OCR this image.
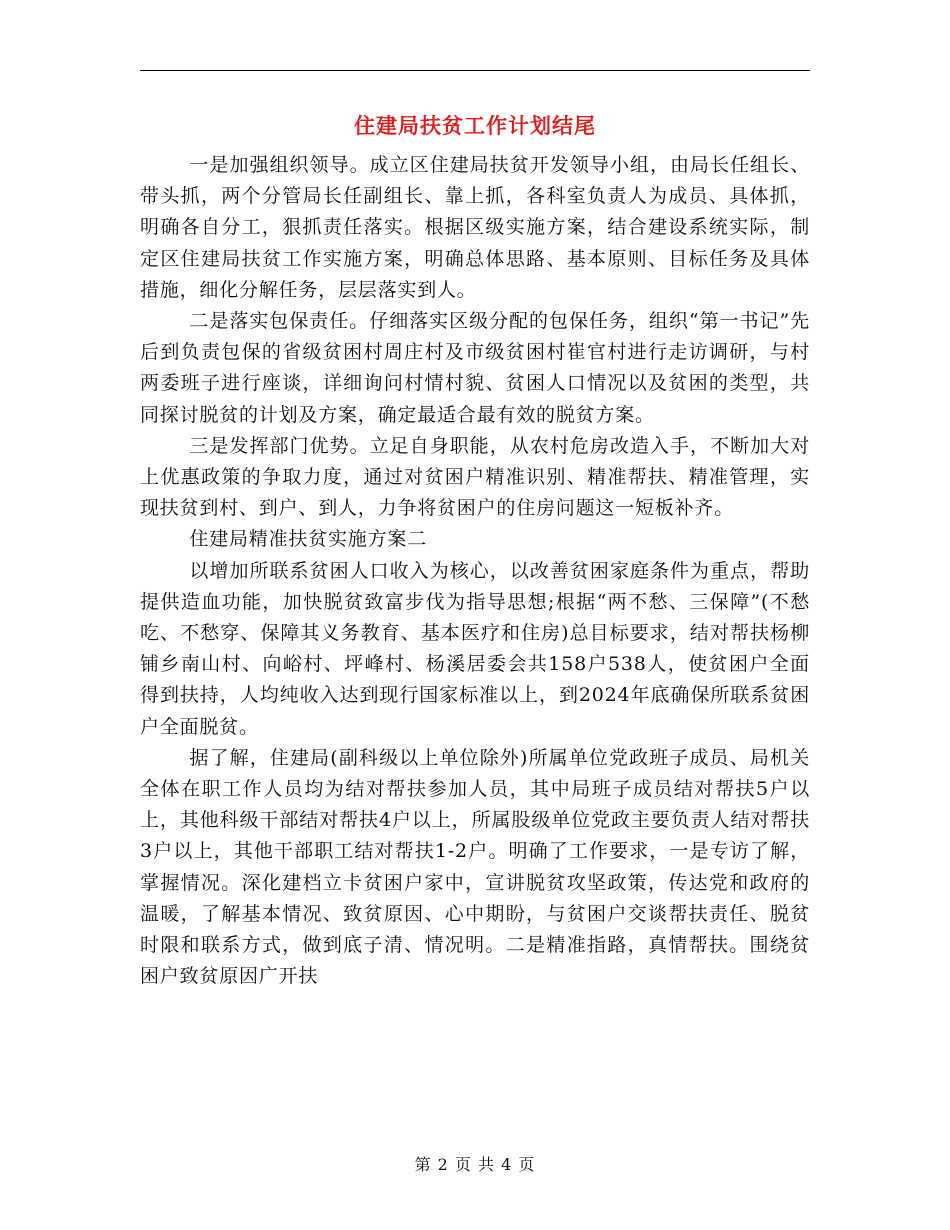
住建局扶贫工作计划结尾

一是加强组织领导。成立区住建局扶贫开发领导小组，由局长任组长、带头抓，两个分管局长任副组长、靠上抓，各科室负责人为成员、具体抓，明确各自分工，狠抓责任落实。根据区级实施方案，结合建设系统实际，制定区住建局扶贫工作实施方案，明确总体思路、基本原则、目标任务及具体措施，细化分解任务，层层落实到人。

二是落实包保责任。仔细落实区级分配的包保任务，组织“第一书记”先后到负责包保的省级贫困村周庄村及市级贫困村崔官村进行走访调研，与村两委班子进行座谈，详细询问村情村貌、贫困人口情况以及贫困的类型，共同探讨脱贫的计划及方案，确定最适合最有效的脱贫方案。

三是发挥部门优势。立足自身职能，从农村危房改造入手，不断加大对上优惠政策的争取力度，通过对贫困户精准识别、精准帮扶、精准管理，实现扶贫到村、到户、到人，力争将贫困户的住房问题这一短板补齐。

住建局精准扶贫实施方案二

以增加所联系贫困人口收入为核心，以改善贫困家庭条件为重点，帮助提供造血功能，加快脱贫致富步伐为指导思想;根据“两不愁、三保障”(不愁吃、不愁穿、保障其义务教育、基本医疗和住房)总目标要求，结对帮扶杨柳铺乡南山村、向峪村、坪峰村、杨溪居委会共158户538人，使贫困户全面得到扶持，人均纯收入达到现行国家标准以上，到2024年底确保所联系贫困户全面脱贫。

据了解，住建局(副科级以上单位除外)所属单位党政班子成员、局机关全体在职工作人员均为结对帮扶参加人员，其中局班子成员结对帮扶5户以上，其他科级干部结对帮扶4户以上，所属股级单位党政主要负责人结对帮扶3户以上，其他干部职工结对帮扶1-2户。明确了工作要求，一是专访了解，掌握情况。深化建档立卡贫困户家中，宣讲脱贫攻坚政策，传达党和政府的温暖，了解基本情况、致贫原因、心中期盼，与贫困户交谈帮扶责任、脱贫时限和联系方式，做到底子清、情况明。二是精准指路，真情帮扶。围绕贫困户致贫原因广开扶

第 2 页 共 4 页
